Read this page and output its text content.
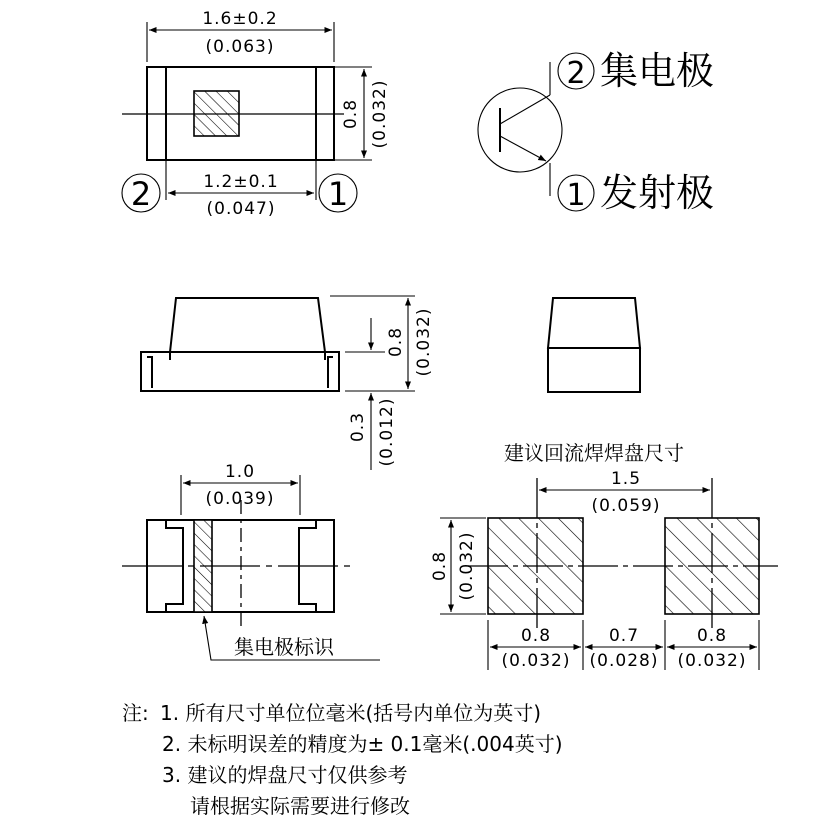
1.6±0.2
(0.063)
0.8 (0.032)
1.2±0.1
(0.047)
2	1
2 集电极
1 发射极
0.8 (0.032)
0.3 (0.012)
1.0
(0.039)
集电极标识
建议回流焊焊盘尺寸
1.5
(0.059)
0.8 (0.032)
0.8
(0.032)
0.7
(0.028)
0.8
(0.032)
注: 1. 所有尺寸单位位毫米(括号内单位为英寸)
2. 未标明误差的精度为± 0.1毫米(.004英寸)
3. 建议的焊盘尺寸仅供参考
请根据实际需要进行修改
